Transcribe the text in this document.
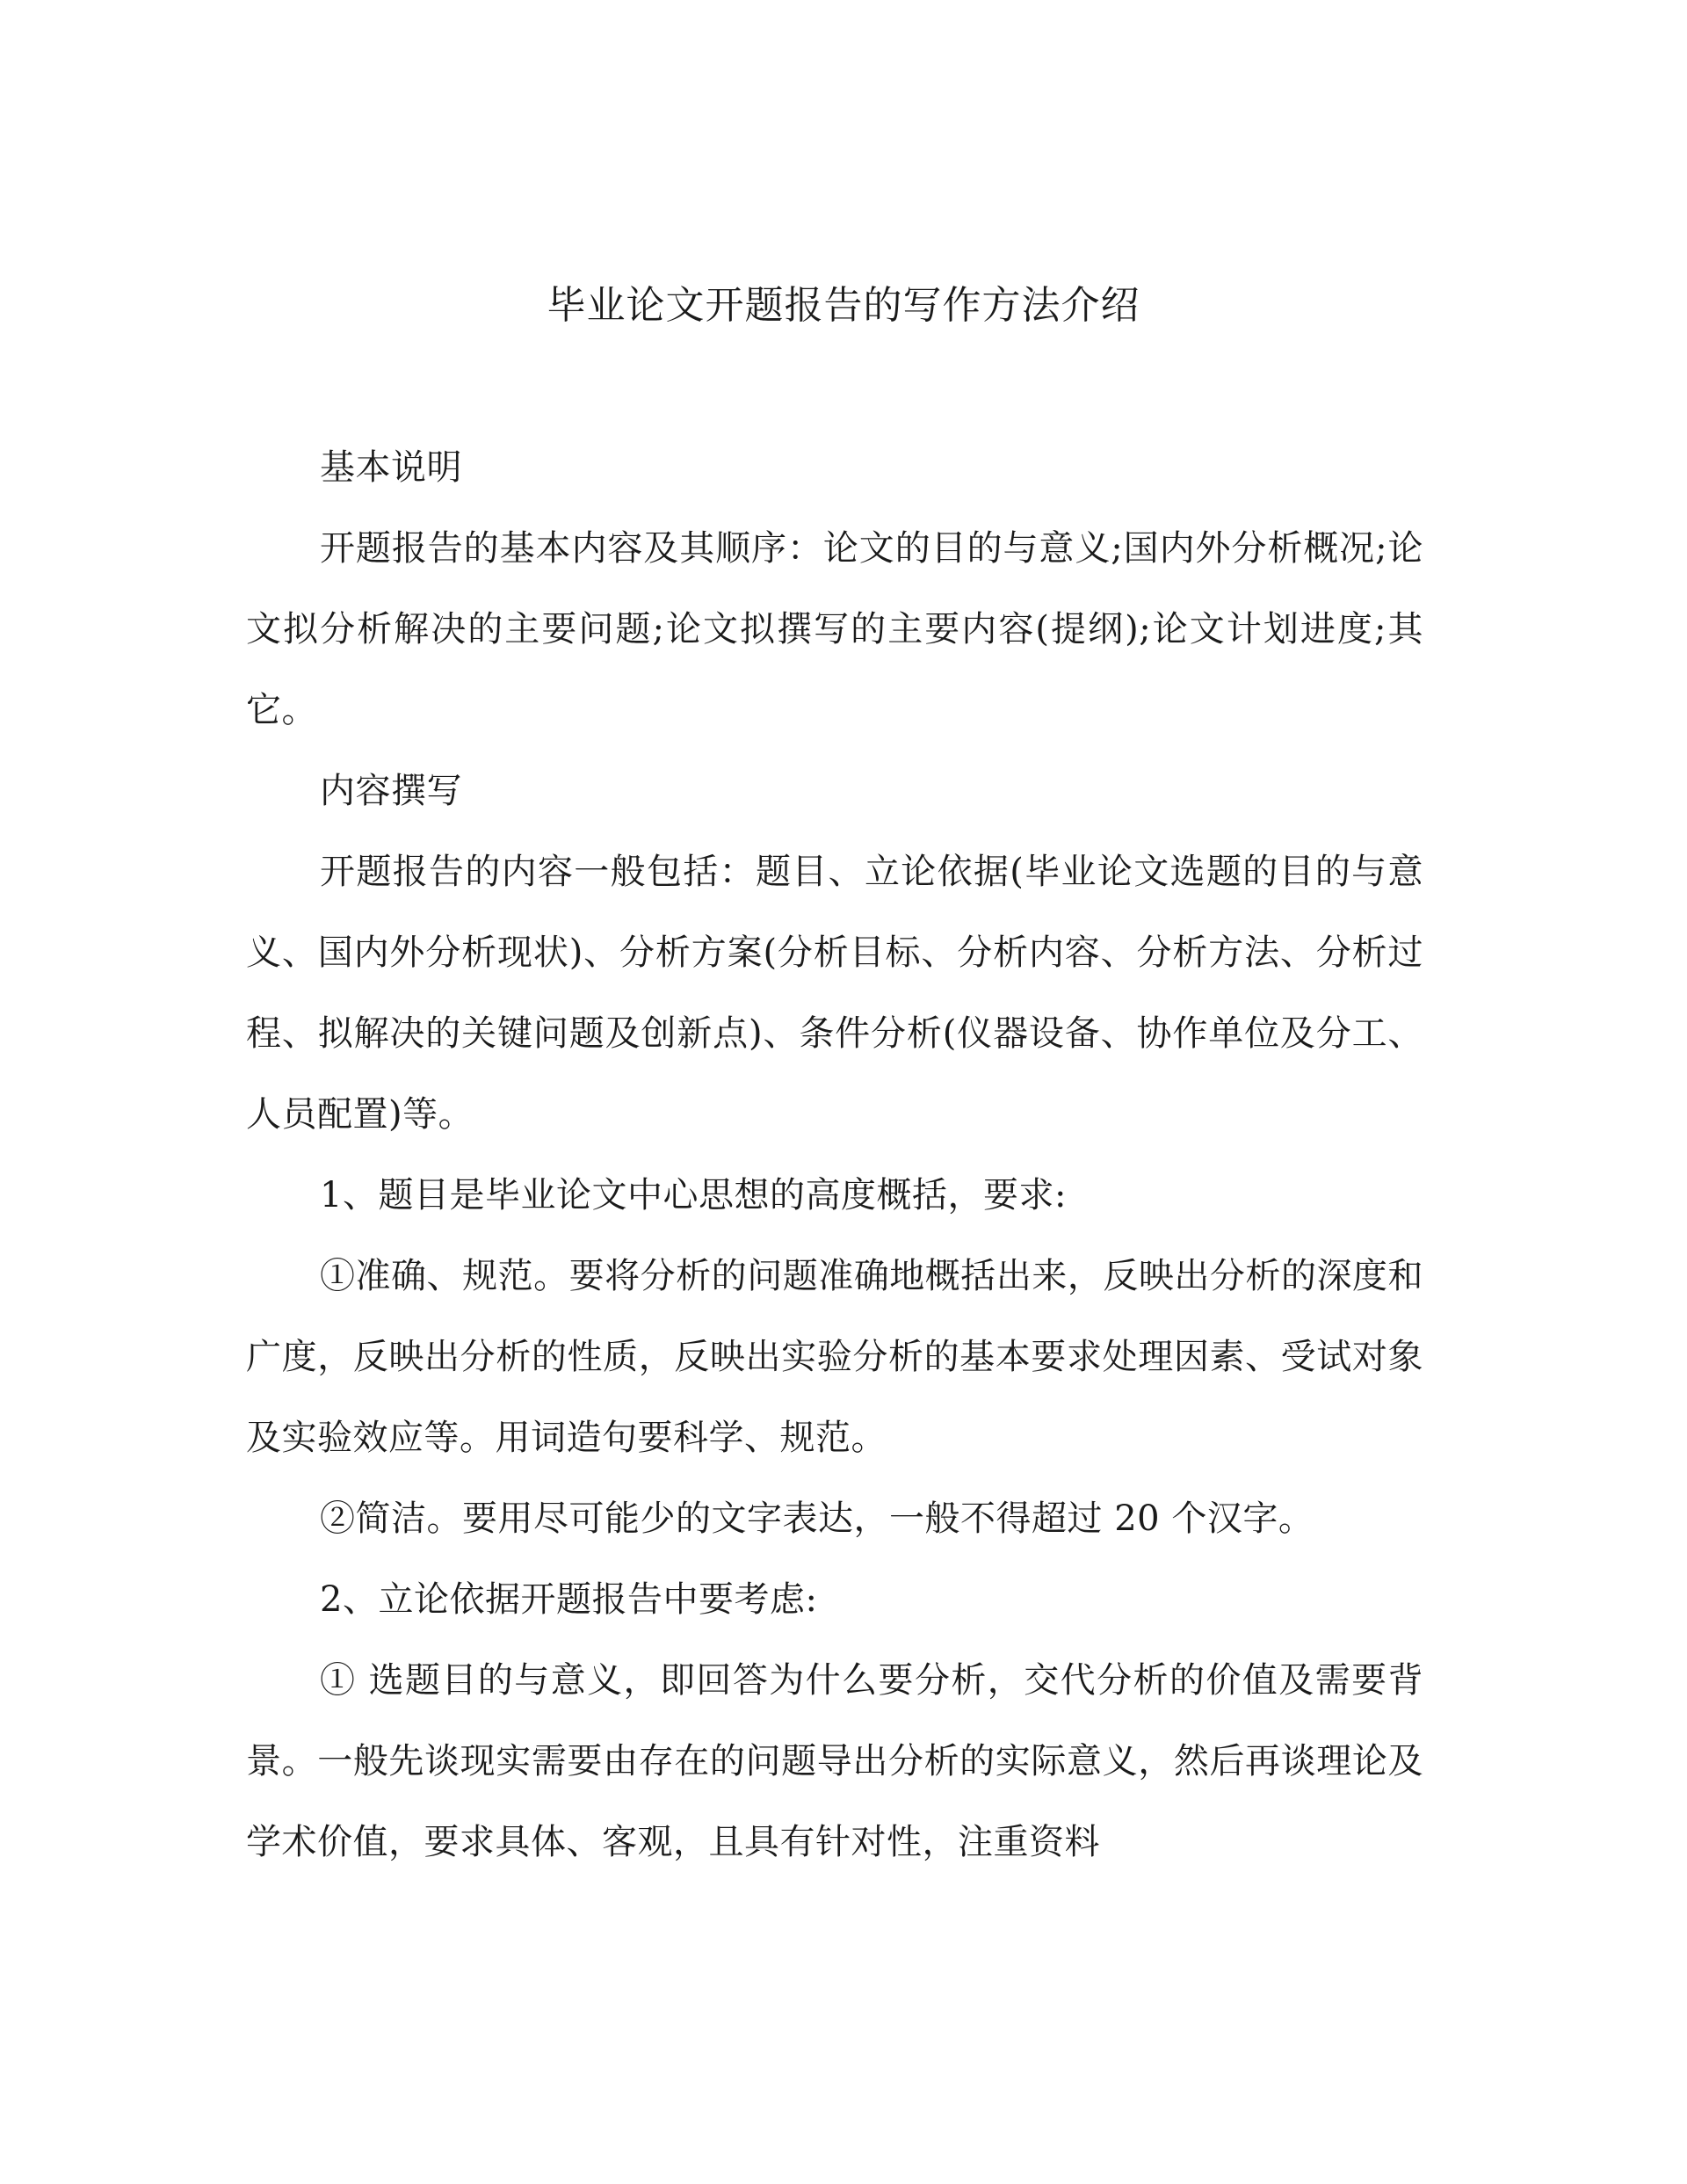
毕业论文开题报告的写作方法介绍

基本说明

开题报告的基本内容及其顺序：论文的目的与意义;国内外分析概况;论文拟分析解决的主要问题;论文拟撰写的主要内容(提纲);论文计划进度;其它。

内容撰写

开题报告的内容一般包括：题目、立论依据(毕业论文选题的目的与意义、国内外分析现状)、分析方案(分析目标、分析内容、分析方法、分析过程、拟解决的关键问题及创新点)、条件分析(仪器设备、协作单位及分工、人员配置)等。

1、题目是毕业论文中心思想的高度概括，要求:

①准确、规范。要将分析的问题准确地概括出来，反映出分析的深度和广度，反映出分析的性质，反映出实验分析的基本要求处理因素、受试对象及实验效应等。用词造句要科学、规范。

②简洁。要用尽可能少的文字表达，一般不得超过 20 个汉字。

2、立论依据开题报告中要考虑:

① 选题目的与意义，即回答为什么要分析，交代分析的价值及需要背景。一般先谈现实需要由存在的问题导出分析的实际意义，然后再谈理论及学术价值，要求具体、客观，且具有针对性，注重资料
